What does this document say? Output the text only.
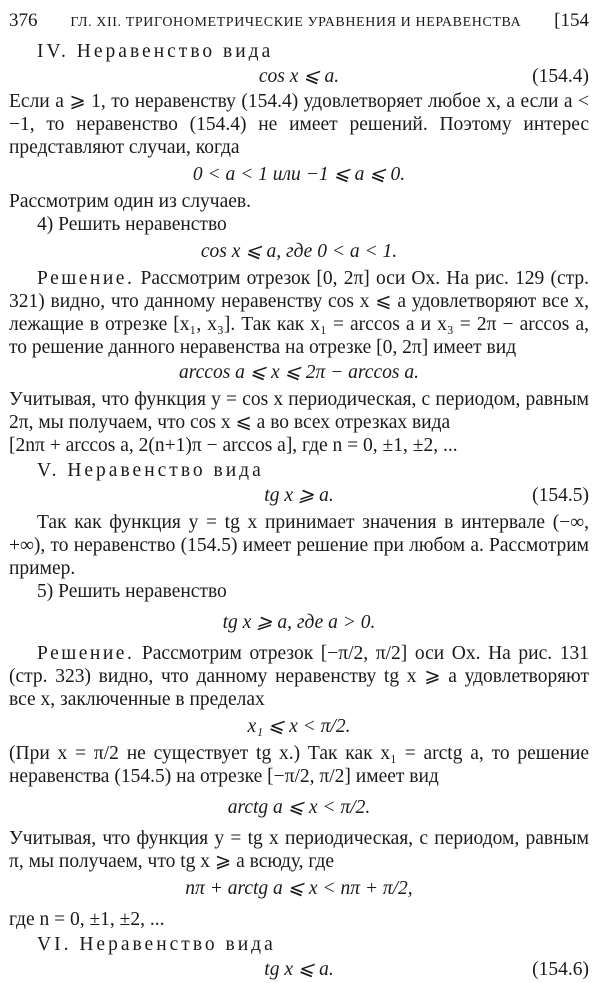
376 ГЛ. XII. ТРИГОНОМЕТРИЧЕСКИЕ УРАВНЕНИЯ И НЕРАВЕНСТВА [154
IV. Неравенство вида
cos x ⩽ a.	(154.4)

Если a ⩾ 1, то неравенству (154.4) удовлетворяет любое x, а если a < −1, то неравенство (154.4) не имеет решений. Поэтому интерес представляют случаи, когда

0 < a < 1 или −1 ⩽ a ⩽ 0.

Рассмотрим один из случаев.

4) Решить неравенство
cos x ⩽ a, где 0 < a < 1.

Решение. Рассмотрим отрезок [0, 2π] оси Ox. На рис. 129 (стр. 321) видно, что данному неравенству cos x ⩽ a удовлетворяют все x, лежащие в отрезке [x₁, x₃]. Так как x₁ = arccos a и x₃ = 2π − arccos a, то решение данного неравенства на отрезке [0, 2π] имеет вид

arccos a ⩽ x ⩽ 2π − arccos a.

Учитывая, что функция y = cos x периодическая, с периодом, равным 2π, мы получаем, что cos x ⩽ a во всех отрезках вида

[2nπ + arccos a, 2(n+1)π − arccos a], где n = 0, ±1, ±2, ...

V. Неравенство вида
tg x ⩾ a.	(154.5)

Так как функция y = tg x принимает значения в интервале (−∞, +∞), то неравенство (154.5) имеет решение при любом a. Рассмотрим пример.

5) Решить неравенство
tg x ⩾ a, где a > 0.

Решение. Рассмотрим отрезок [−π/2, π/2] оси Ox. На рис. 131 (стр. 323) видно, что данному неравенству tg x ⩾ a удовлетворяют все x, заключенные в пределах

x₁ ⩽ x < π/2.

(При x = π/2 не существует tg x.) Так как x₁ = arctg a, то решение неравенства (154.5) на отрезке [−π/2, π/2] имеет вид

arctg a ⩽ x < π/2.

Учитывая, что функция y = tg x периодическая, с периодом, равным π, мы получаем, что tg x ⩾ a всюду, где

nπ + arctg a ⩽ x < nπ + π/2,

где n = 0, ±1, ±2, ...

VI. Неравенство вида
tg x ⩽ a.	(154.6)
